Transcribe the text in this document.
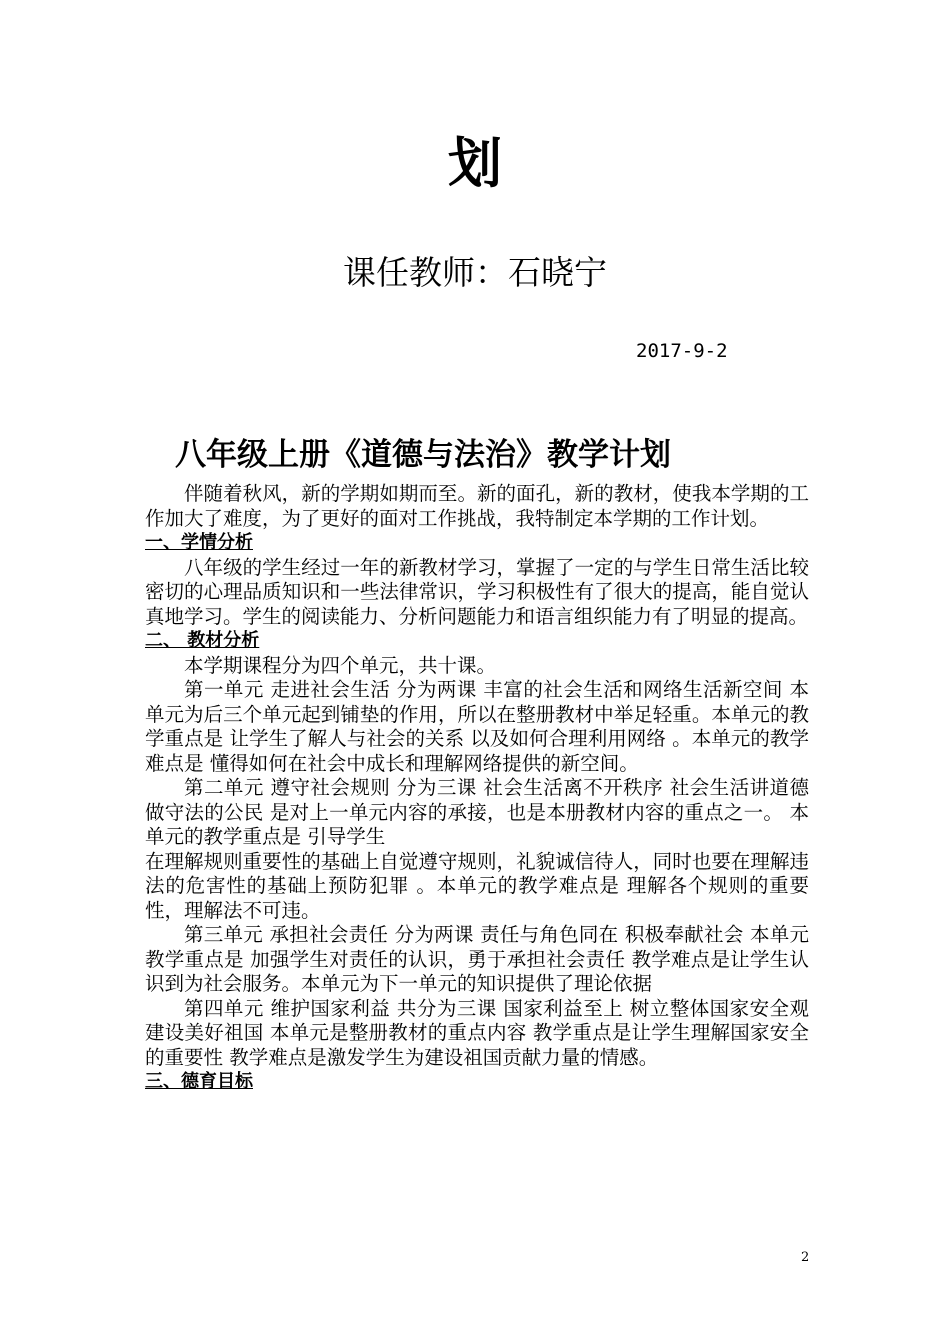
划
课任教师：石晓宁
2017-9-2
八年级上册《道德与法治》教学计划

伴随着秋风，新的学期如期而至。新的面孔，新的教材，使我本学期的工作加大了难度，为了更好的面对工作挑战，我特制定本学期的工作计划。

一、学情分析

八年级的学生经过一年的新教材学习，掌握了一定的与学生日常生活比较密切的心理品质知识和一些法律常识，学习积极性有了很大的提高，能自觉认真地学习。学生的阅读能力、分析问题能力和语言组织能力有了明显的提高。

二、 教材分析

本学期课程分为四个单元，共十课。

第一单元 走进社会生活 分为两课 丰富的社会生活和网络生活新空间 本单元为后三个单元起到铺垫的作用，所以在整册教材中举足轻重。本单元的教学重点是 让学生了解人与社会的关系 以及如何合理利用网络 。本单元的教学难点是 懂得如何在社会中成长和理解网络提供的新空间。

第二单元 遵守社会规则 分为三课 社会生活离不开秩序 社会生活讲道德 做守法的公民 是对上一单元内容的承接，也是本册教材内容的重点之一。 本单元的教学重点是 引导学生

在理解规则重要性的基础上自觉遵守规则，礼貌诚信待人，同时也要在理解违法的危害性的基础上预防犯罪 。本单元的教学难点是 理解各个规则的重要性，理解法不可违。

第三单元 承担社会责任 分为两课 责任与角色同在 积极奉献社会 本单元教学重点是 加强学生对责任的认识，勇于承担社会责任 教学难点是让学生认识到为社会服务。本单元为下一单元的知识提供了理论依据

第四单元 维护国家利益 共分为三课 国家利益至上 树立整体国家安全观 建设美好祖国 本单元是整册教材的重点内容 教学重点是让学生理解国家安全的重要性 教学难点是激发学生为建设祖国贡献力量的情感。

三、德育目标
2
